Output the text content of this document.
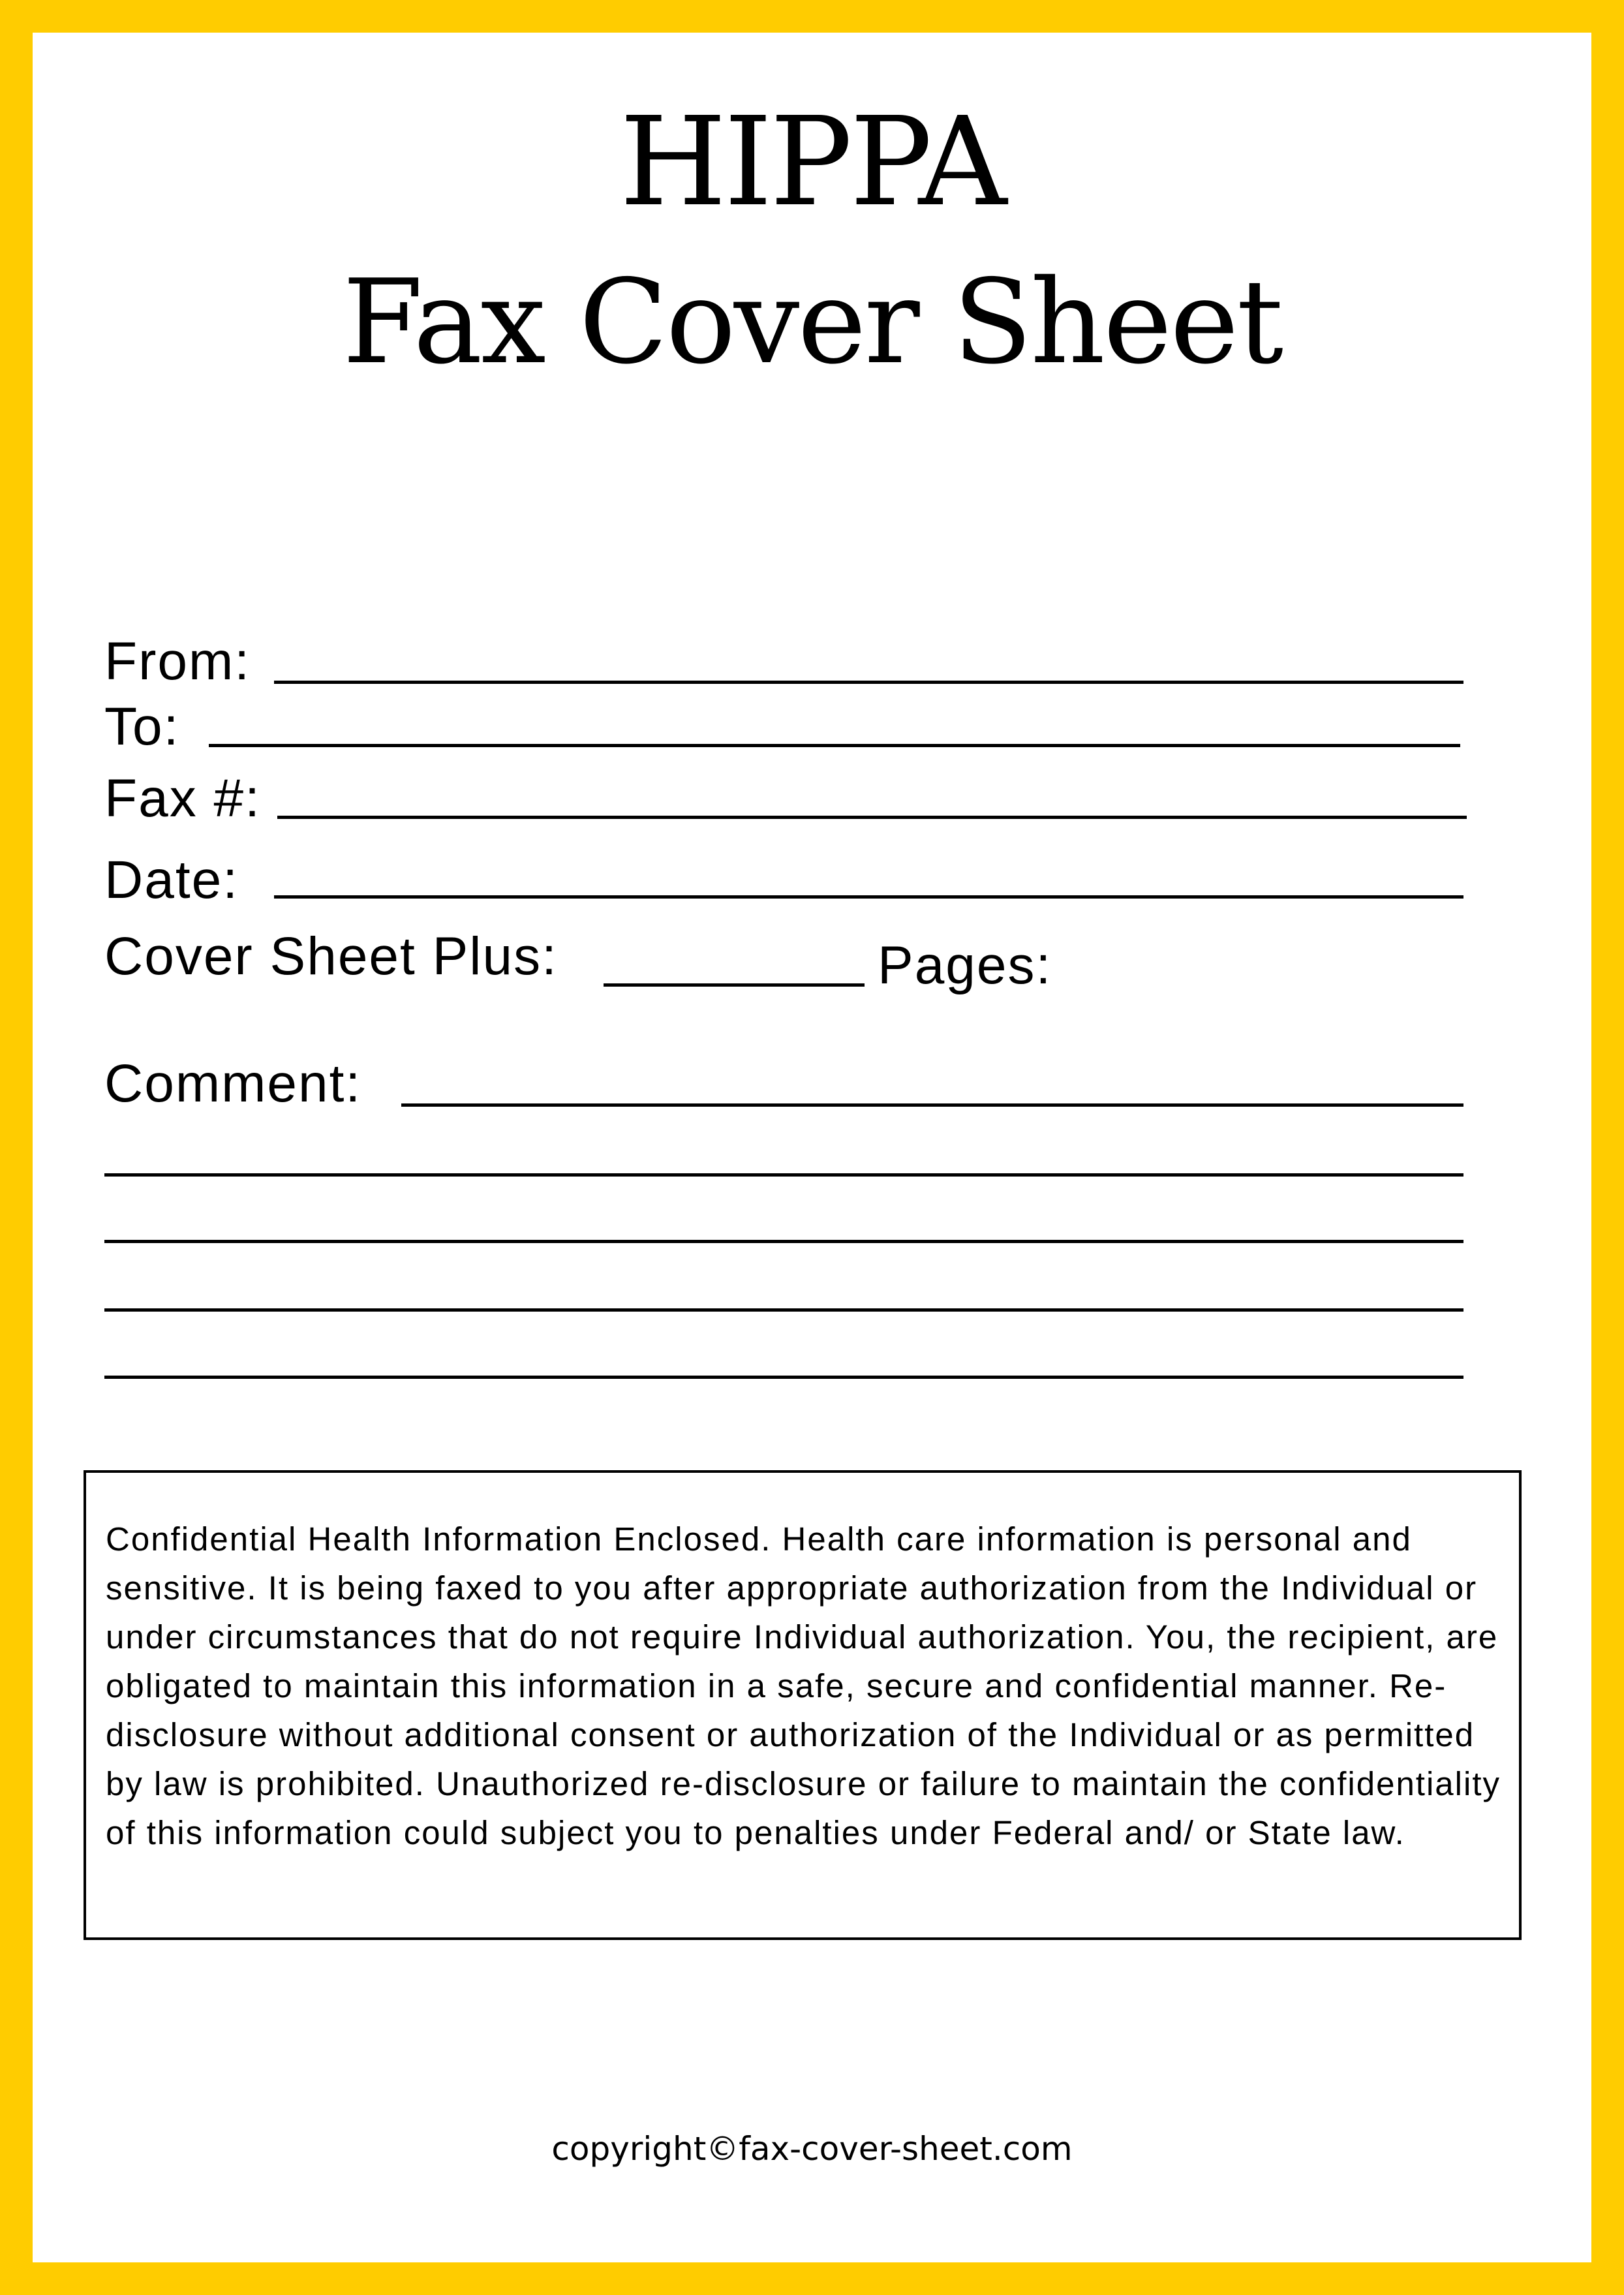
HIPPA
Fax Cover Sheet
From:
To:
Fax #:
Date:
Cover Sheet Plus:	Pages:
Comment:

Confidential Health Information Enclosed. Health care information is personal and sensitive. It is being faxed to you after appropriate authorization from the Individual or under circumstances that do not require Individual authorization. You, the recipient, are obligated to maintain this information in a safe, secure and confidential manner. Re-disclosure without additional consent or authorization of the Individual or as permitted by law is prohibited. Unauthorized re-disclosure or failure to maintain the confidentiality of this information could subject you to penalties under Federal and/ or State law.

copyright©fax-cover-sheet.com
